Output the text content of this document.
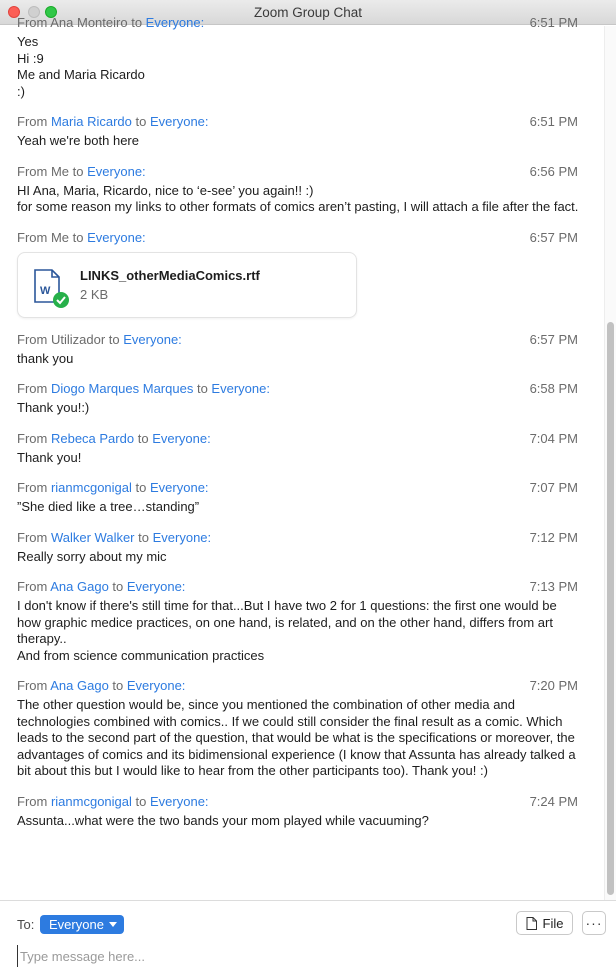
Zoom Group Chat
From Ana Monteiro to Everyone:	6:51 PM
Yes
Hi :9
Me and Maria Ricardo
:)
From Maria Ricardo to Everyone:	6:51 PM
Yeah we're both here
From Me to Everyone:	6:56 PM
HI Ana, Maria, Ricardo, nice to ‘e-see’ you again!! :)
for some reason my links to other formats of comics aren’t pasting, I will attach a file after the fact.
From Me to Everyone:	6:57 PM
W
LINKS_otherMediaComics.rtf
2 KB
From Utilizador to Everyone:	6:57 PM
thank you
From Diogo Marques Marques to Everyone:	6:58 PM
Thank you!:)
From Rebeca Pardo to Everyone:	7:04 PM
Thank you!
From rianmcgonigal to Everyone:	7:07 PM
”She died like a tree…standing”
From Walker Walker to Everyone:	7:12 PM
Really sorry about my mic
From Ana Gago to Everyone:	7:13 PM
I don't know if there's still time for that...But I have two 2 for 1 questions: the first one would be how graphic medice practices, on one hand, is related, and on the other hand, differs from art therapy..
And from science communication practices
From Ana Gago to Everyone:	7:20 PM
The other question would be, since you mentioned the combination of other media and technologies combined with comics.. If we could still consider the final result as a comic. Which leads to the second part of the question, that would be what is the specifications or moreover, the advantages of comics and its bidimensional experience (I know that Assunta has already talked a bit about this but I would like to hear from the other participants too). Thank you! :)
From rianmcgonigal to Everyone:	7:24 PM
Assunta...what were the two bands your mom played while vacuuming?
To: Everyone	File ···
Type message here...
